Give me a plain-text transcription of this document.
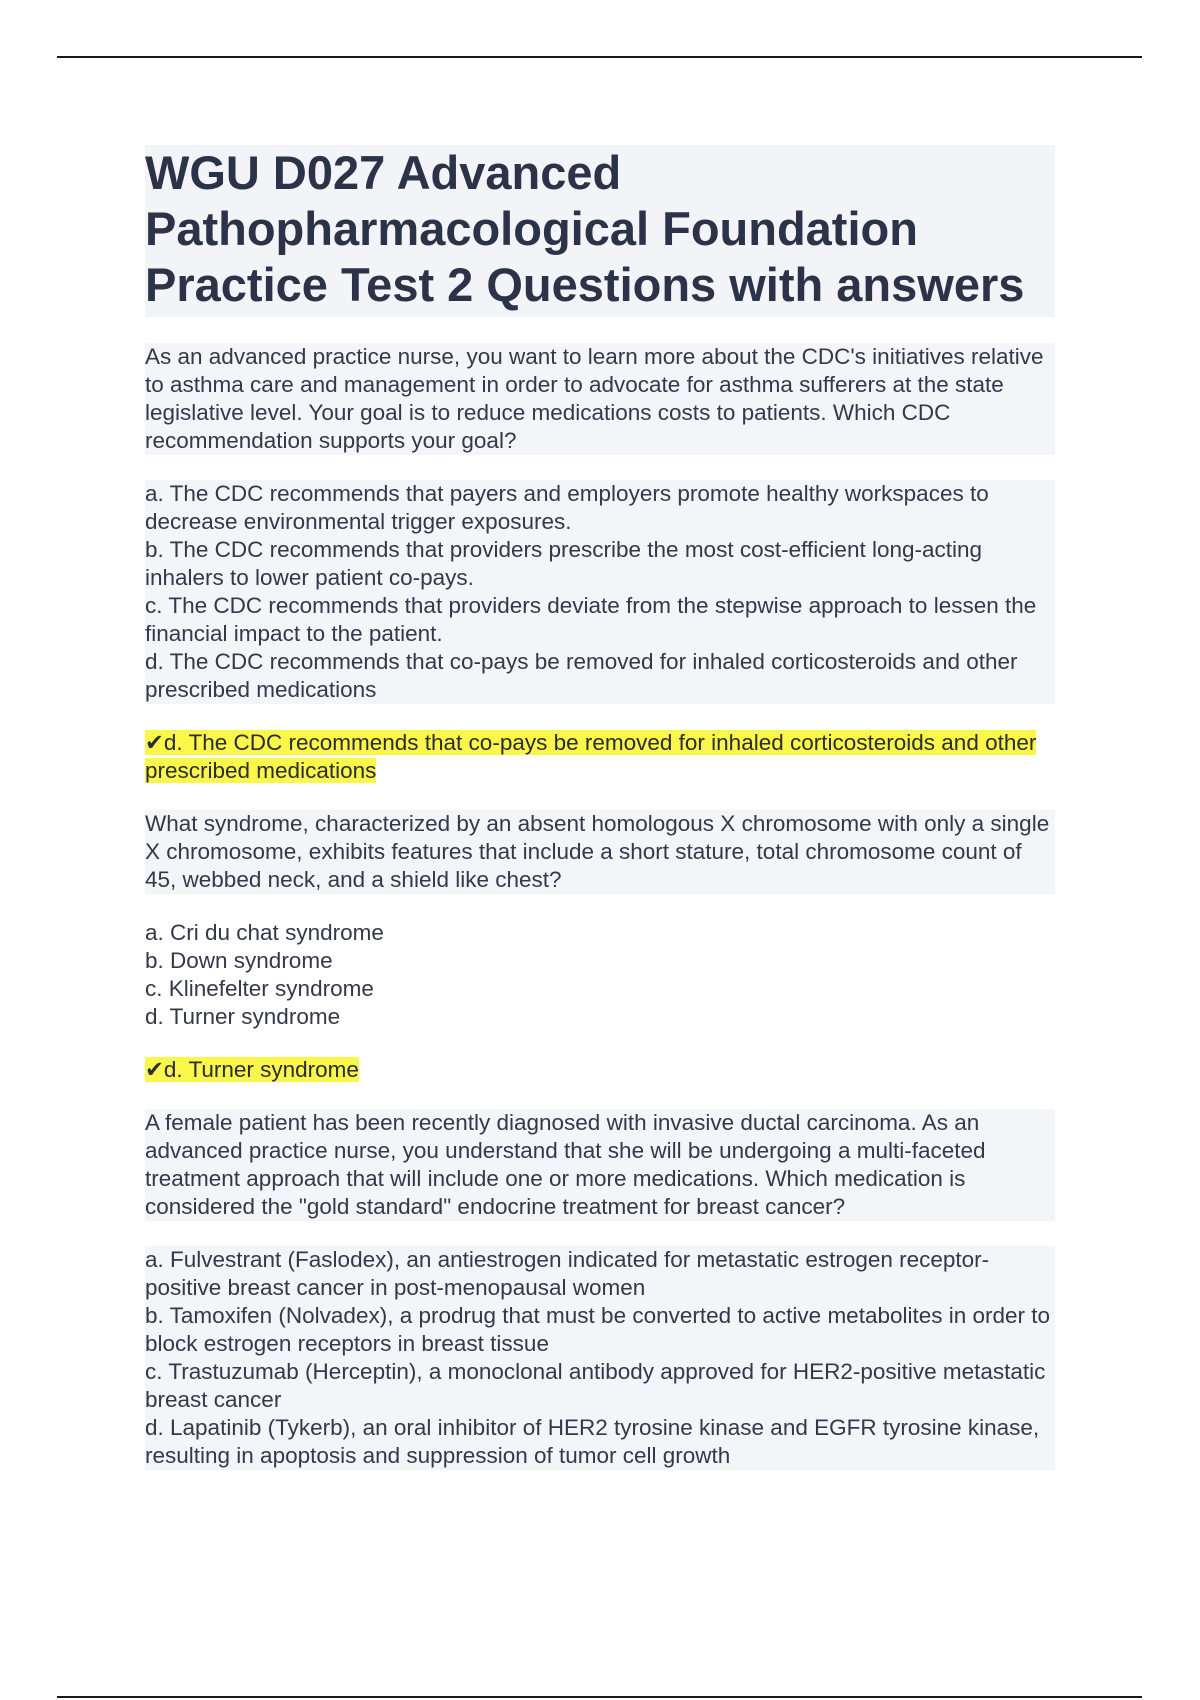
WGU D027 Advanced Pathopharmacological Foundation Practice Test 2 Questions with answers

As an advanced practice nurse, you want to learn more about the CDC's initiatives relative to asthma care and management in order to advocate for asthma sufferers at the state legislative level. Your goal is to reduce medications costs to patients. Which CDC recommendation supports your goal?

a. The CDC recommends that payers and employers promote healthy workspaces to decrease environmental trigger exposures.
b. The CDC recommends that providers prescribe the most cost-efficient long-acting inhalers to lower patient co-pays.
c. The CDC recommends that providers deviate from the stepwise approach to lessen the financial impact to the patient.
d. The CDC recommends that co-pays be removed for inhaled corticosteroids and other prescribed medications

✔d. The CDC recommends that co-pays be removed for inhaled corticosteroids and other prescribed medications

What syndrome, characterized by an absent homologous X chromosome with only a single X chromosome, exhibits features that include a short stature, total chromosome count of 45, webbed neck, and a shield like chest?

a. Cri du chat syndrome
b. Down syndrome
c. Klinefelter syndrome
d. Turner syndrome

✔d. Turner syndrome

A female patient has been recently diagnosed with invasive ductal carcinoma. As an advanced practice nurse, you understand that she will be undergoing a multi-faceted treatment approach that will include one or more medications. Which medication is considered the "gold standard" endocrine treatment for breast cancer?

a. Fulvestrant (Faslodex), an antiestrogen indicated for metastatic estrogen receptor-positive breast cancer in post-menopausal women
b. Tamoxifen (Nolvadex), a prodrug that must be converted to active metabolites in order to block estrogen receptors in breast tissue
c. Trastuzumab (Herceptin), a monoclonal antibody approved for HER2-positive metastatic breast cancer
d. Lapatinib (Tykerb), an oral inhibitor of HER2 tyrosine kinase and EGFR tyrosine kinase, resulting in apoptosis and suppression of tumor cell growth
